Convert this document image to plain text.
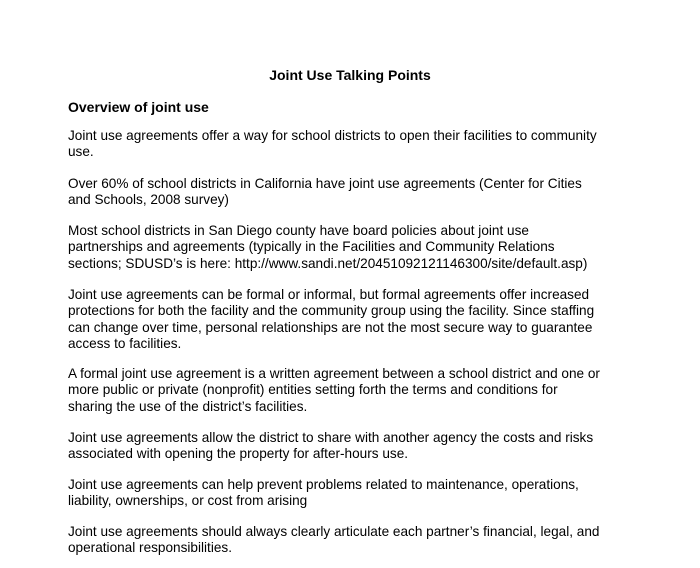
Joint Use Talking Points
Overview of joint use

Joint use agreements offer a way for school districts to open their facilities to community
use.

Over 60% of school districts in California have joint use agreements (Center for Cities
and Schools, 2008 survey)

Most school districts in San Diego county have board policies about joint use
partnerships and agreements (typically in the Facilities and Community Relations
sections; SDUSD’s is here: http://www.sandi.net/20451092121146300/site/default.asp)

Joint use agreements can be formal or informal, but formal agreements offer increased
protections for both the facility and the community group using the facility. Since staffing
can change over time, personal relationships are not the most secure way to guarantee
access to facilities.

A formal joint use agreement is a written agreement between a school district and one or
more public or private (nonprofit) entities setting forth the terms and conditions for
sharing the use of the district’s facilities.

Joint use agreements allow the district to share with another agency the costs and risks
associated with opening the property for after-hours use.

Joint use agreements can help prevent problems related to maintenance, operations,
liability, ownerships, or cost from arising

Joint use agreements should always clearly articulate each partner’s financial, legal, and
operational responsibilities.
